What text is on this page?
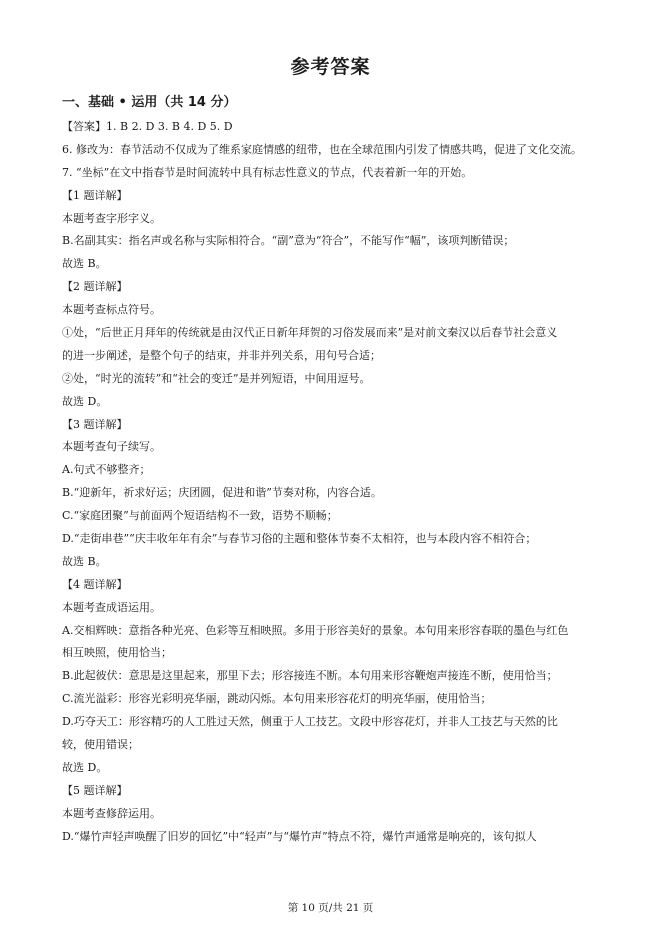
参考答案
一、基础 • 运用（共 14 分）
【答案】1. B 2. D 3. B 4. D 5. D
6. 修改为：春节活动不仅成为了维系家庭情感的纽带，也在全球范围内引发了情感共鸣，促进了文化交流。
7. “坐标”在文中指春节是时间流转中具有标志性意义的节点，代表着新一年的开始。
【1 题详解】
本题考查字形字义。
B.名副其实：指名声或名称与实际相符合。“副”意为“符合”，不能写作“幅”，该项判断错误；
故选 B。
【2 题详解】
本题考查标点符号。
①处，“后世正月拜年的传统就是由汉代正日新年拜贺的习俗发展而来”是对前文秦汉以后春节社会意义
的进一步阐述，是整个句子的结束，并非并列关系，用句号合适；
②处，“时光的流转”和“社会的变迁”是并列短语，中间用逗号。
故选 D。
【3 题详解】
本题考查句子续写。
A.句式不够整齐；
B.“迎新年，祈求好运；庆团圆，促进和谐”节奏对称，内容合适。
C.“家庭团聚”与前面两个短语结构不一致，语势不顺畅；
D.“走街串巷”“庆丰收年年有余”与春节习俗的主题和整体节奏不太相符，也与本段内容不相符合；
故选 B。
【4 题详解】
本题考查成语运用。
A.交相辉映：意指各种光亮、色彩等互相映照。多用于形容美好的景象。本句用来形容春联的墨色与红色
相互映照，使用恰当；
B.此起彼伏：意思是这里起来，那里下去；形容接连不断。本句用来形容鞭炮声接连不断，使用恰当；
C.流光溢彩：形容光彩明亮华丽，跳动闪烁。本句用来形容花灯的明亮华丽，使用恰当；
D.巧夺天工：形容精巧的人工胜过天然，侧重于人工技艺。文段中形容花灯，并非人工技艺与天然的比
较，使用错误；
故选 D。
【5 题详解】
本题考查修辞运用。
D.“爆竹声轻声唤醒了旧岁的回忆”中“轻声”与“爆竹声”特点不符，爆竹声通常是响亮的，该句拟人
第 10 页/共 21 页
